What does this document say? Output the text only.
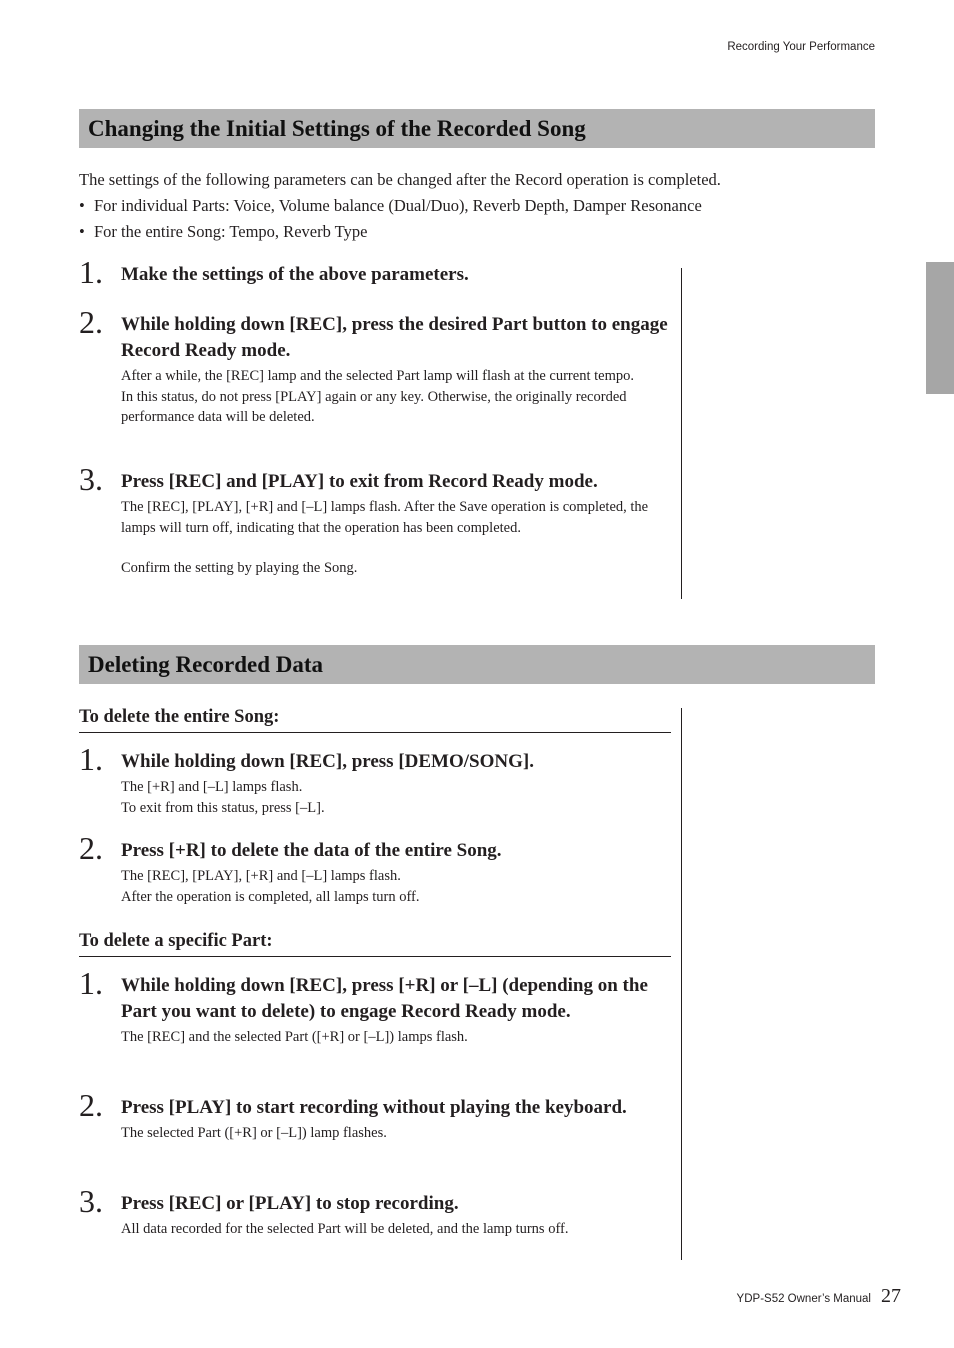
Recording Your Performance
Changing the Initial Settings of the Recorded Song

The settings of the following parameters can be changed after the Record operation is completed.

• For individual Parts: Voice, Volume balance (Dual/Duo), Reverb Depth, Damper Resonance
• For the entire Song: Tempo, Reverb Type
1. Make the settings of the above parameters.
2. While holding down [REC], press the desired Part button to engage Record Ready mode.

After a while, the [REC] lamp and the selected Part lamp will flash at the current tempo.

In this status, do not press [PLAY] again or any key. Otherwise, the originally recorded performance data will be deleted.

3. Press [REC] and [PLAY] to exit from Record Ready mode.

The [REC], [PLAY], [+R] and [–L] lamps flash. After the Save operation is completed, the lamps will turn off, indicating that the operation has been completed.

Confirm the setting by playing the Song.

Deleting Recorded Data
To delete the entire Song:
1. While holding down [REC], press [DEMO/SONG].

The [+R] and [–L] lamps flash.

To exit from this status, press [–L].

2. Press [+R] to delete the data of the entire Song.

The [REC], [PLAY], [+R] and [–L] lamps flash.

After the operation is completed, all lamps turn off.

To delete a specific Part:
1. While holding down [REC], press [+R] or [–L] (depending on the Part you want to delete) to engage Record Ready mode.

The [REC] and the selected Part ([+R] or [–L]) lamps flash.

2. Press [PLAY] to start recording without playing the keyboard.

The selected Part ([+R] or [–L]) lamp flashes.

3. Press [REC] or [PLAY] to stop recording.

All data recorded for the selected Part will be deleted, and the lamp turns off.

YDP-S52 Owner’s Manual 27
